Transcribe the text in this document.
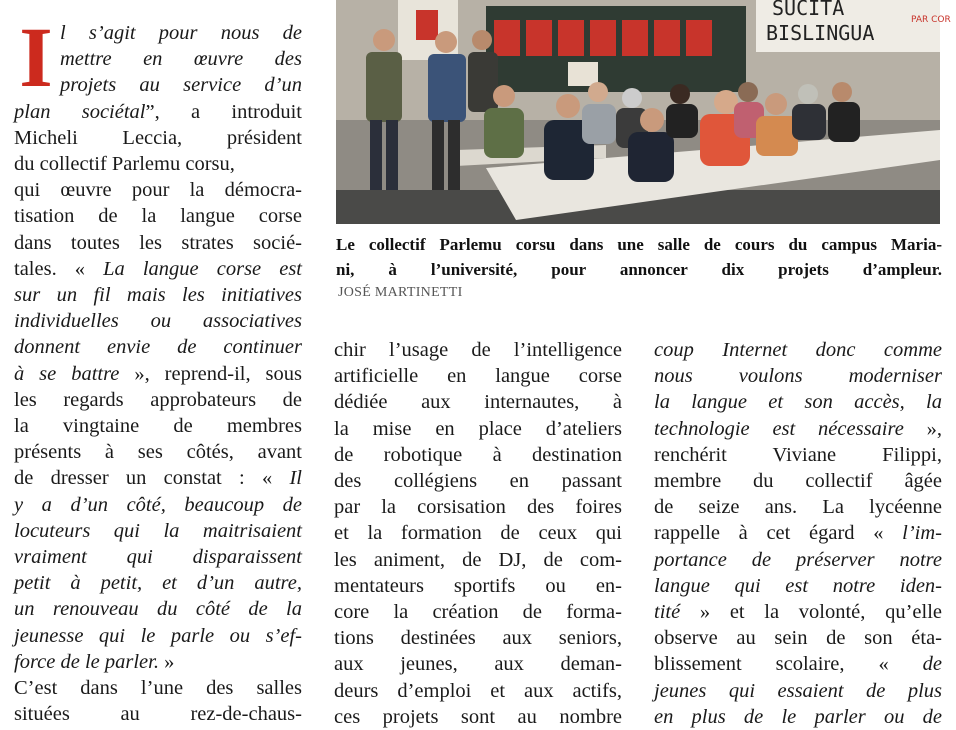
I l s’agit pour nous de
mettre en œuvre des
projets au service d’un
plan sociétal”, a introduit
Micheli Leccia, président
du collectif Parlemu corsu,
qui œuvre pour la démocra-
tisation de la langue corse
dans toutes les strates socié-
tales. « La langue corse est
sur un fil mais les initiatives
individuelles ou associatives
donnent envie de continuer
à se battre », reprend-il, sous
les regards approbateurs de
la vingtaine de membres
présents à ses côtés, avant
de dresser un constat : « Il
y a d’un côté, beaucoup de
locuteurs qui la maitrisaient
vraiment qui disparaissent
petit à petit, et d’un autre,
un renouveau du côté de la
jeunesse qui le parle ou s’ef-
force de le parler. »
C’est dans l’une des salles
situées au rez-de-chaus-
chir l’usage de l’intelligence
artificielle en langue corse
dédiée aux internautes, à
la mise en place d’ateliers
de robotique à destination
des collégiens en passant
par la corsisation des foires
et la formation de ceux qui
les animent, de DJ, de com-
mentateurs sportifs ou en-
core la création de forma-
tions destinées aux seniors,
aux jeunes, aux deman-
deurs d’emploi et aux actifs,
ces projets sont au nombre
coup Internet donc comme
nous voulons moderniser
la langue et son accès, la
technologie est nécessaire »,
renchérit Viviane Filippi,
membre du collectif âgée
de seize ans. La lycéenne
rappelle à cet égard « l’im-
portance de préserver notre
langue qui est notre iden-
tité » et la volonté, qu’elle
observe au sein de son éta-
blissement scolaire, « de
jeunes qui essaient de plus
en plus de le parler ou de
SUCITA
BISLINGUA
PAR COR
Le collectif Parlemu corsu dans une salle de cours du campus Maria-
ni, à l’université, pour annoncer dix projets d’ampleur.
JOSÉ MARTINETTI
